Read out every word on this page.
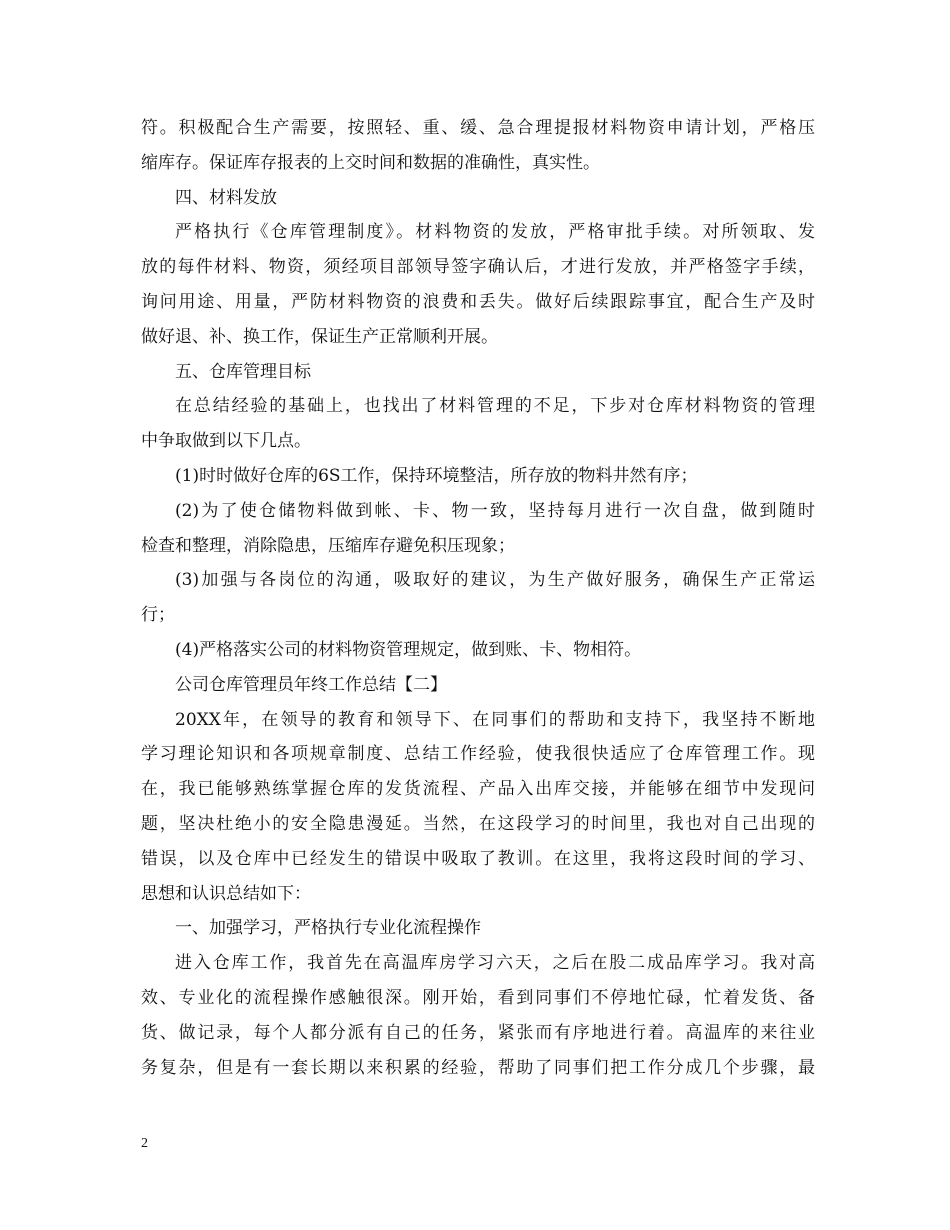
符。积极配合生产需要，按照轻、重、缓、急合理提报材料物资申请计划，严格压
缩库存。保证库存报表的上交时间和数据的准确性，真实性。
四、材料发放
严格执行《仓库管理制度》。材料物资的发放，严格审批手续。对所领取、发
放的每件材料、物资，须经项目部领导签字确认后，才进行发放，并严格签字手续，
询问用途、用量，严防材料物资的浪费和丢失。做好后续跟踪事宜，配合生产及时
做好退、补、换工作，保证生产正常顺利开展。
五、仓库管理目标
在总结经验的基础上，也找出了材料管理的不足，下步对仓库材料物资的管理
中争取做到以下几点。
(1)时时做好仓库的6S工作，保持环境整洁，所存放的物料井然有序；
(2)为了使仓储物料做到帐、卡、物一致，坚持每月进行一次自盘，做到随时
检查和整理，消除隐患，压缩库存避免积压现象；
(3)加强与各岗位的沟通，吸取好的建议，为生产做好服务，确保生产正常运
行；
(4)严格落实公司的材料物资管理规定，做到账、卡、物相符。
公司仓库管理员年终工作总结【二】
20XX年，在领导的教育和领导下、在同事们的帮助和支持下，我坚持不断地
学习理论知识和各项规章制度、总结工作经验，使我很快适应了仓库管理工作。现
在，我已能够熟练掌握仓库的发货流程、产品入出库交接，并能够在细节中发现问
题，坚决杜绝小的安全隐患漫延。当然，在这段学习的时间里，我也对自己出现的
错误，以及仓库中已经发生的错误中吸取了教训。在这里，我将这段时间的学习、
思想和认识总结如下：
一、加强学习，严格执行专业化流程操作
进入仓库工作，我首先在高温库房学习六天，之后在股二成品库学习。我对高
效、专业化的流程操作感触很深。刚开始，看到同事们不停地忙碌，忙着发货、备
货、做记录，每个人都分派有自己的任务，紧张而有序地进行着。高温库的来往业
务复杂，但是有一套长期以来积累的经验，帮助了同事们把工作分成几个步骤，最
2
